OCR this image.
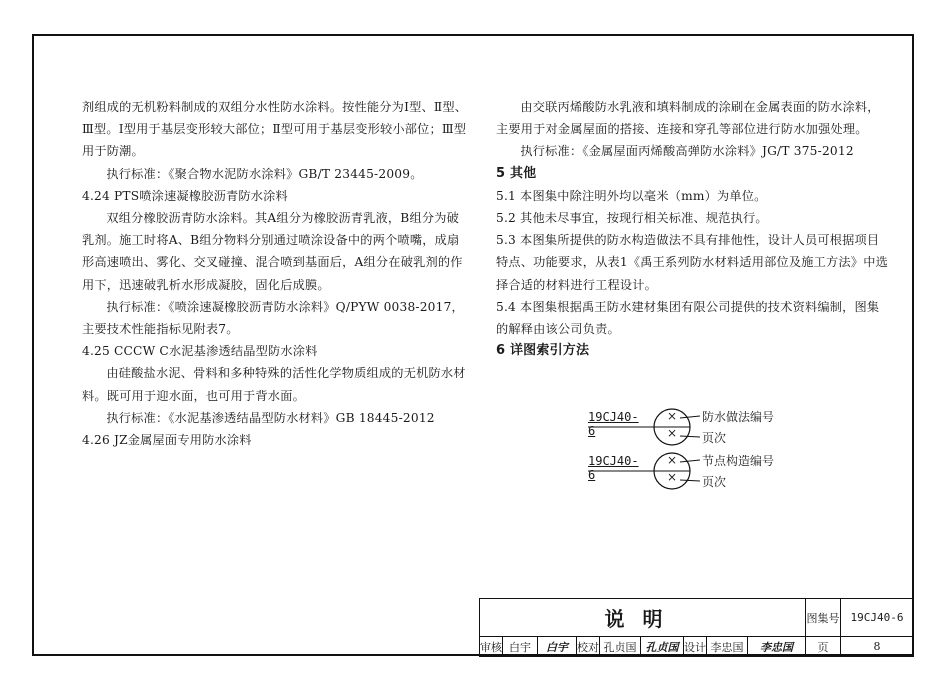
剂组成的无机粉料制成的双组分水性防水涂料。按性能分为Ⅰ型、Ⅱ型、Ⅲ型。Ⅰ型用于基层变形较大部位；Ⅱ型可用于基层变形较小部位；Ⅲ型用于防潮。

执行标准：《聚合物水泥防水涂料》GB/T 23445-2009。

4.24 PTS喷涂速凝橡胶沥青防水涂料

双组分橡胶沥青防水涂料。其A组分为橡胶沥青乳液，B组分为破乳剂。施工时将A、B组分物料分别通过喷涂设备中的两个喷嘴，成扇形高速喷出、雾化、交叉碰撞、混合喷到基面后，A组分在破乳剂的作用下，迅速破乳析水形成凝胶，固化后成膜。

执行标准：《喷涂速凝橡胶沥青防水涂料》Q/PYW 0038-2017，主要技术性能指标见附表7。

4.25 CCCW C水泥基渗透结晶型防水涂料

由硅酸盐水泥、骨料和多种特殊的活性化学物质组成的无机防水材料。既可用于迎水面，也可用于背水面。

执行标准：《水泥基渗透结晶型防水材料》GB 18445-2012

4.26 JZ金属屋面专用防水涂料

由交联丙烯酸防水乳液和填料制成的涂刷在金属表面的防水涂料，主要用于对金属屋面的搭接、连接和穿孔等部位进行防水加强处理。

执行标准：《金属屋面丙烯酸高弹防水涂料》JG/T 375-2012

5 其他

5.1 本图集中除注明外均以毫米（mm）为单位。

5.2 其他未尽事宜，按现行相关标准、规范执行。

5.3 本图集所提供的防水构造做法不具有排他性，设计人员可根据项目特点、功能要求，从表1《禹王系列防水材料适用部位及施工方法》中选择合适的材料进行工程设计。

5.4 本图集根据禹王防水建材集团有限公司提供的技术资料编制，图集的解释由该公司负责。

6 详图索引方法

19CJ40-6
×
×
防水做法编号
页次
19CJ40-6
×
×
节点构造编号
页次
说明									图集号	19CJ40-6
审核	白宇	白宇	校对	孔贞国	孔贞国	设计	李忠国	李忠国	页	8
